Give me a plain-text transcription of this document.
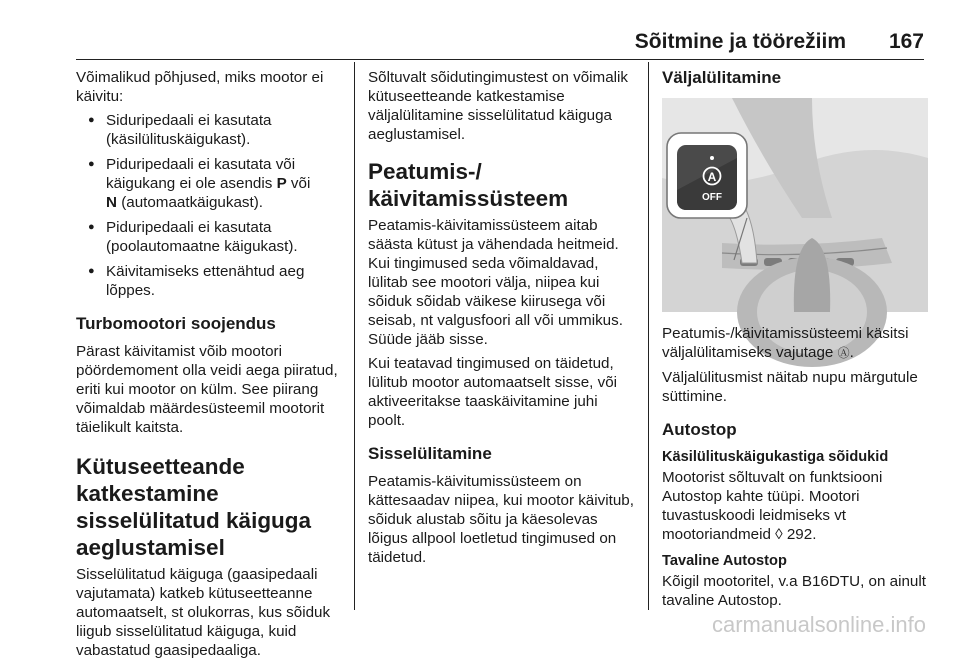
Sõitmine ja töörežiim 167

Võimalikud põhjused, miks mootor ei käivitu:

● Siduripedaali ei kasutata (käsilülituskäigukast).
● Piduripedaali ei kasutata või käigukang ei ole asendis P või
N (automaatkäigukast).
● Piduripedaali ei kasutata (poolautomaatne käigukast).
● Käivitamiseks ettenähtud aeg lõppes.
Turbomootori soojendus

Pärast käivitamist võib mootori pöördemoment olla veidi aega piiratud, eriti kui mootor on külm. See piirang võimaldab määrdesüsteemil mootorit täielikult kaitsta.

Kütuseetteande katkestamine sisselülitatud käiguga aeglustamisel

Sisselülitatud käiguga (gaasipedaali vajutamata) katkeb kütuseetteanne automaatselt, st olukorras, kus sõiduk liigub sisselülitatud käiguga, kuid vabastatud gaasipedaaliga.

Sõltuvalt sõidutingimustest on võimalik kütuseetteande katkestamise väljalülitamine sisselülitatud käiguga aeglustamisel.

Peatumis-/ käivitamissüsteem

Peatamis-käivitamissüsteem aitab säästa kütust ja vähendada heitmeid. Kui tingimused seda võimaldavad, lülitab see mootori välja, niipea kui sõiduk sõidab väikese kiirusega või seisab, nt valgusfoori all või ummikus. Süüde jääb sisse.

Kui teatavad tingimused on täidetud, lülitub mootor automaatselt sisse, või aktiveeritakse taaskäivitamine juhi poolt.

Sisselülitamine

Peatamis-käivitumissüsteem on kättesaadav niipea, kui mootor käivitub, sõiduk alustab sõitu ja käesolevas lõigus allpool loetletud tingimused on täidetud.

Väljalülitamine
A
OFF

Peatumis-/käivitamissüsteemi käsitsi väljalülitamiseks vajutage Ⓐ.

Väljalülitusmist näitab nupu märgutule süttimine.

Autostop
Käsilülituskäigukastiga sõidukid

Mootorist sõltuvalt on funktsiooni Autostop kahte tüüpi. Mootori tuvastuskoodi leidmiseks vt mootoriandmeid ◊ 292.

Tavaline Autostop

Kõigil mootoritel, v.a B16DTU, on ainult tavaline Autostop.

carmanualsonline.info
